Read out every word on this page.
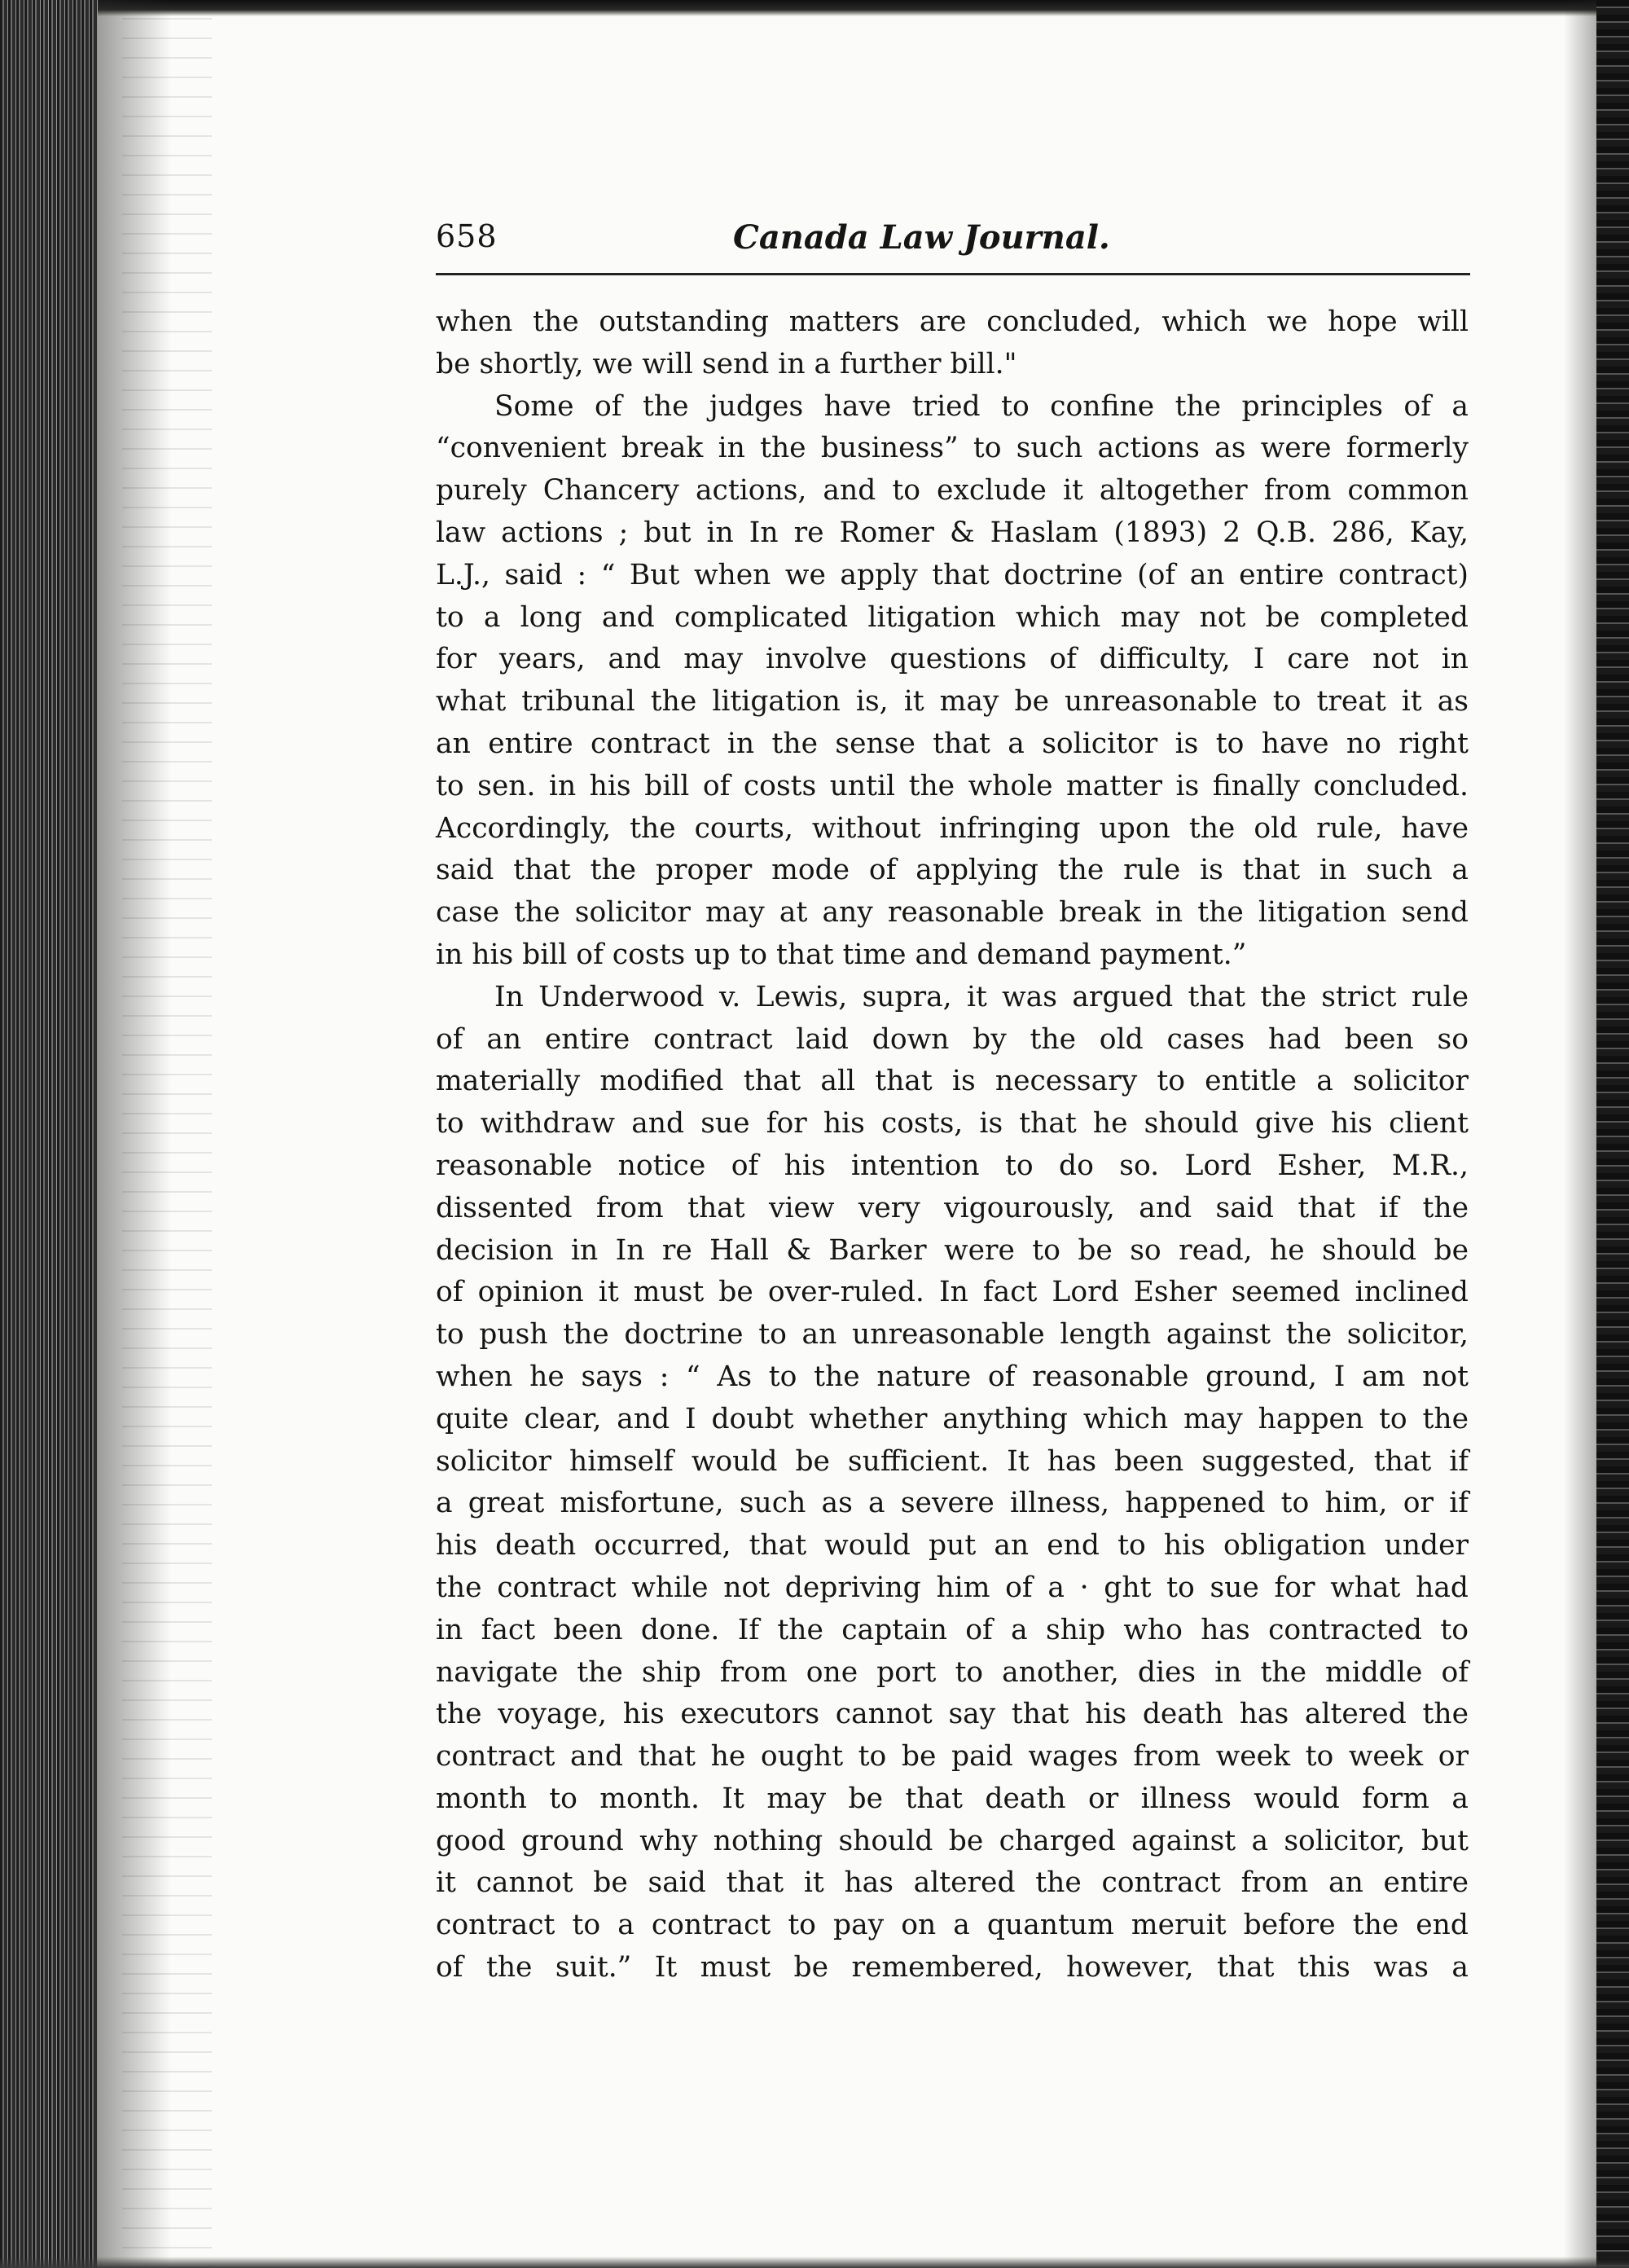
658	Canada Law Journal.
when the outstanding matters are concluded, which we hope will
be shortly, we will send in a further bill."
Some of the judges have tried to confine the principles of a
“convenient break in the business” to such actions as were formerly
purely Chancery actions, and to exclude it altogether from common
law actions ; but in In re Romer & Haslam (1893) 2 Q.B. 286, Kay,
L.J., said : “ But when we apply that doctrine (of an entire contract)
to a long and complicated litigation which may not be completed
for years, and may involve questions of difficulty, I care not in
what tribunal the litigation is, it may be unreasonable to treat it as
an entire contract in the sense that a solicitor is to have no right
to sen. in his bill of costs until the whole matter is finally concluded.
Accordingly, the courts, without infringing upon the old rule, have
said that the proper mode of applying the rule is that in such a
case the solicitor may at any reasonable break in the litigation send
in his bill of costs up to that time and demand payment.”
In Underwood v. Lewis, supra, it was argued that the strict rule
of an entire contract laid down by the old cases had been so
materially modified that all that is necessary to entitle a solicitor
to withdraw and sue for his costs, is that he should give his client
reasonable notice of his intention to do so. Lord Esher, M.R.,
dissented from that view very vigourously, and said that if the
decision in In re Hall & Barker were to be so read, he should be
of opinion it must be over-ruled. In fact Lord Esher seemed inclined
to push the doctrine to an unreasonable length against the solicitor,
when he says : “ As to the nature of reasonable ground, I am not
quite clear, and I doubt whether anything which may happen to the
solicitor himself would be sufficient. It has been suggested, that if
a great misfortune, such as a severe illness, happened to him, or if
his death occurred, that would put an end to his obligation under
the contract while not depriving him of a · ght to sue for what had
in fact been done. If the captain of a ship who has contracted to
navigate the ship from one port to another, dies in the middle of
the voyage, his executors cannot say that his death has altered the
contract and that he ought to be paid wages from week to week or
month to month. It may be that death or illness would form a
good ground why nothing should be charged against a solicitor, but
it cannot be said that it has altered the contract from an entire
contract to a contract to pay on a quantum meruit before the end
of the suit.” It must be remembered, however, that this was a
